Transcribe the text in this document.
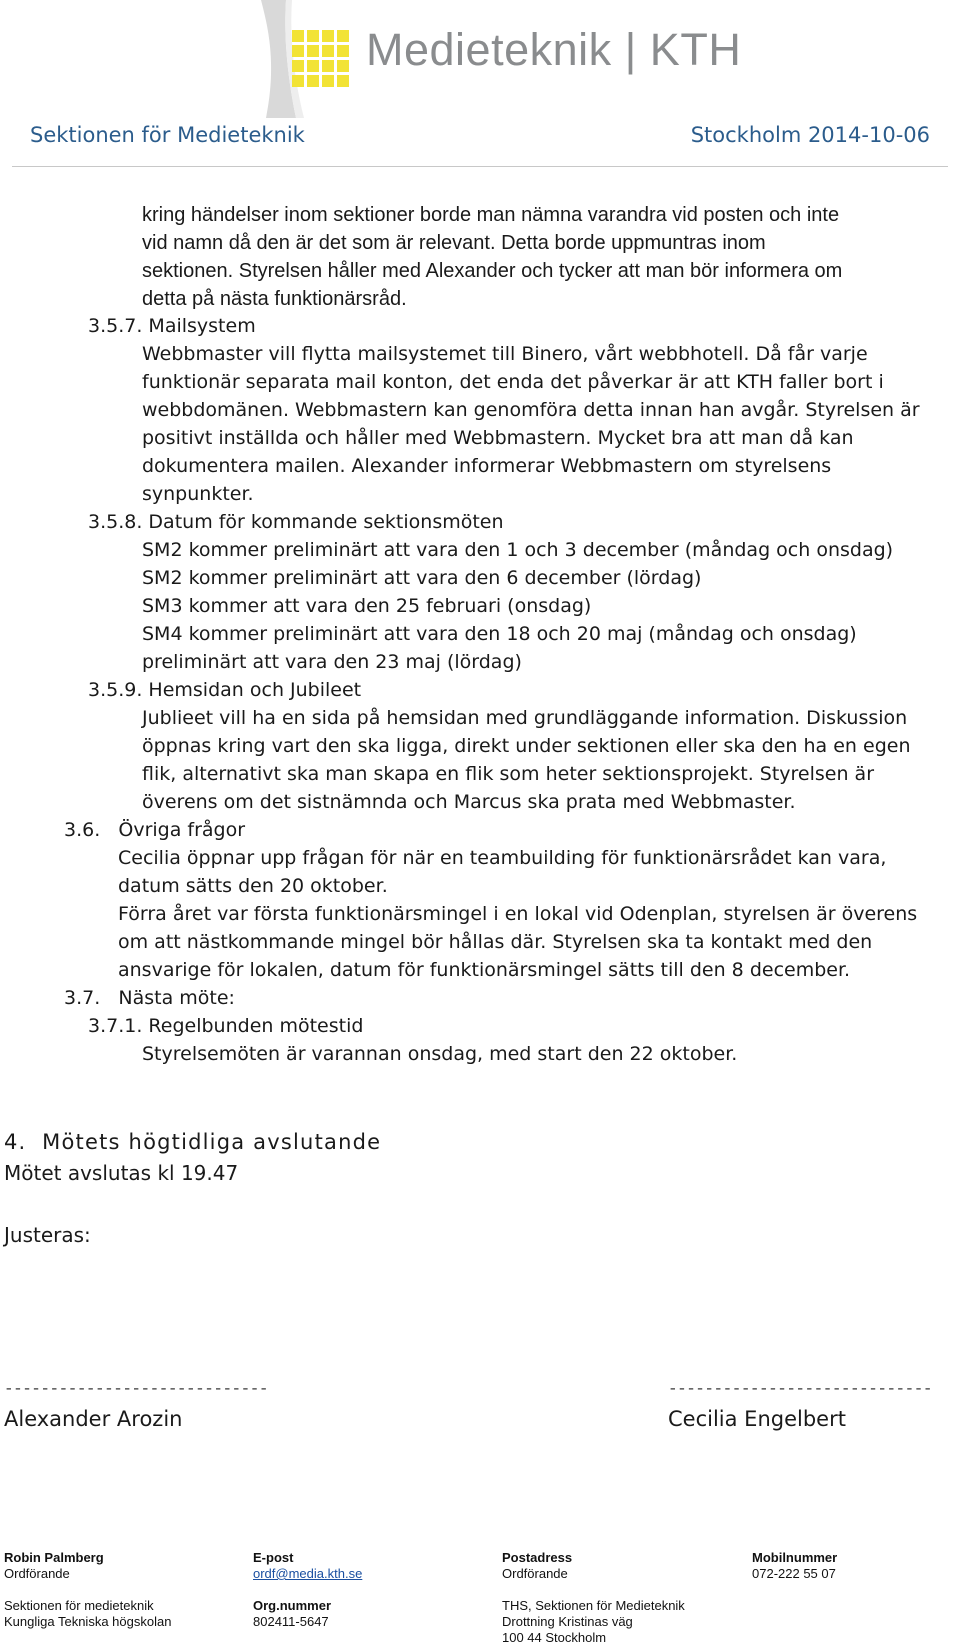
Medieteknik | KTH
Sektionen för Medieteknik	Stockholm 2014-10-06
kring händelser inom sektioner borde man nämna varandra vid posten och inte
vid namn då den är det som är relevant. Detta borde uppmuntras inom
sektionen. Styrelsen håller med Alexander och tycker att man bör informera om
detta på nästa funktionärsråd.
3.5.7. Mailsystem
Webbmaster vill flytta mailsystemet till Binero, vårt webbhotell. Då får varje
funktionär separata mail konton, det enda det påverkar är att KTH faller bort i
webbdomänen. Webbmastern kan genomföra detta innan han avgår. Styrelsen är
positivt inställda och håller med Webbmastern. Mycket bra att man då kan
dokumentera mailen. Alexander informerar Webbmastern om styrelsens
synpunkter.
3.5.8. Datum för kommande sektionsmöten
SM2 kommer preliminärt att vara den 1 och 3 december (måndag och onsdag)
SM2 kommer preliminärt att vara den 6 december (lördag)
SM3 kommer att vara den 25 februari (onsdag)
SM4 kommer preliminärt att vara den 18 och 20 maj (måndag och onsdag)
preliminärt att vara den 23 maj (lördag)
3.5.9. Hemsidan och Jubileet
Jublieet vill ha en sida på hemsidan med grundläggande information. Diskussion
öppnas kring vart den ska ligga, direkt under sektionen eller ska den ha en egen
flik, alternativt ska man skapa en flik som heter sektionsprojekt. Styrelsen är
överens om det sistnämnda och Marcus ska prata med Webbmaster.
3.6.   Övriga frågor
Cecilia öppnar upp frågan för när en teambuilding för funktionärsrådet kan vara,
datum sätts den 20 oktober.
Förra året var första funktionärsmingel i en lokal vid Odenplan, styrelsen är överens
om att nästkommande mingel bör hållas där. Styrelsen ska ta kontakt med den
ansvarige för lokalen, datum för funktionärsmingel sätts till den 8 december.
3.7.   Nästa möte:
3.7.1. Regelbunden mötestid
Styrelsemöten är varannan onsdag, med start den 22 oktober.
4.  Mötets högtidliga avslutande
Mötet avslutas kl 19.47
Justeras:
-----------------------------	-----------------------------
Alexander Arozin	Cecilia Engelbert
Robin Palmberg
Ordförande
Sektionen för medieteknik
Kungliga Tekniska högskolan
E-post
ordf@media.kth.se
Org.nummer
802411-5647
Postadress
Ordförande
THS, Sektionen för Medieteknik
Drottning Kristinas väg
100 44 Stockholm
Mobilnummer
072-222 55 07
